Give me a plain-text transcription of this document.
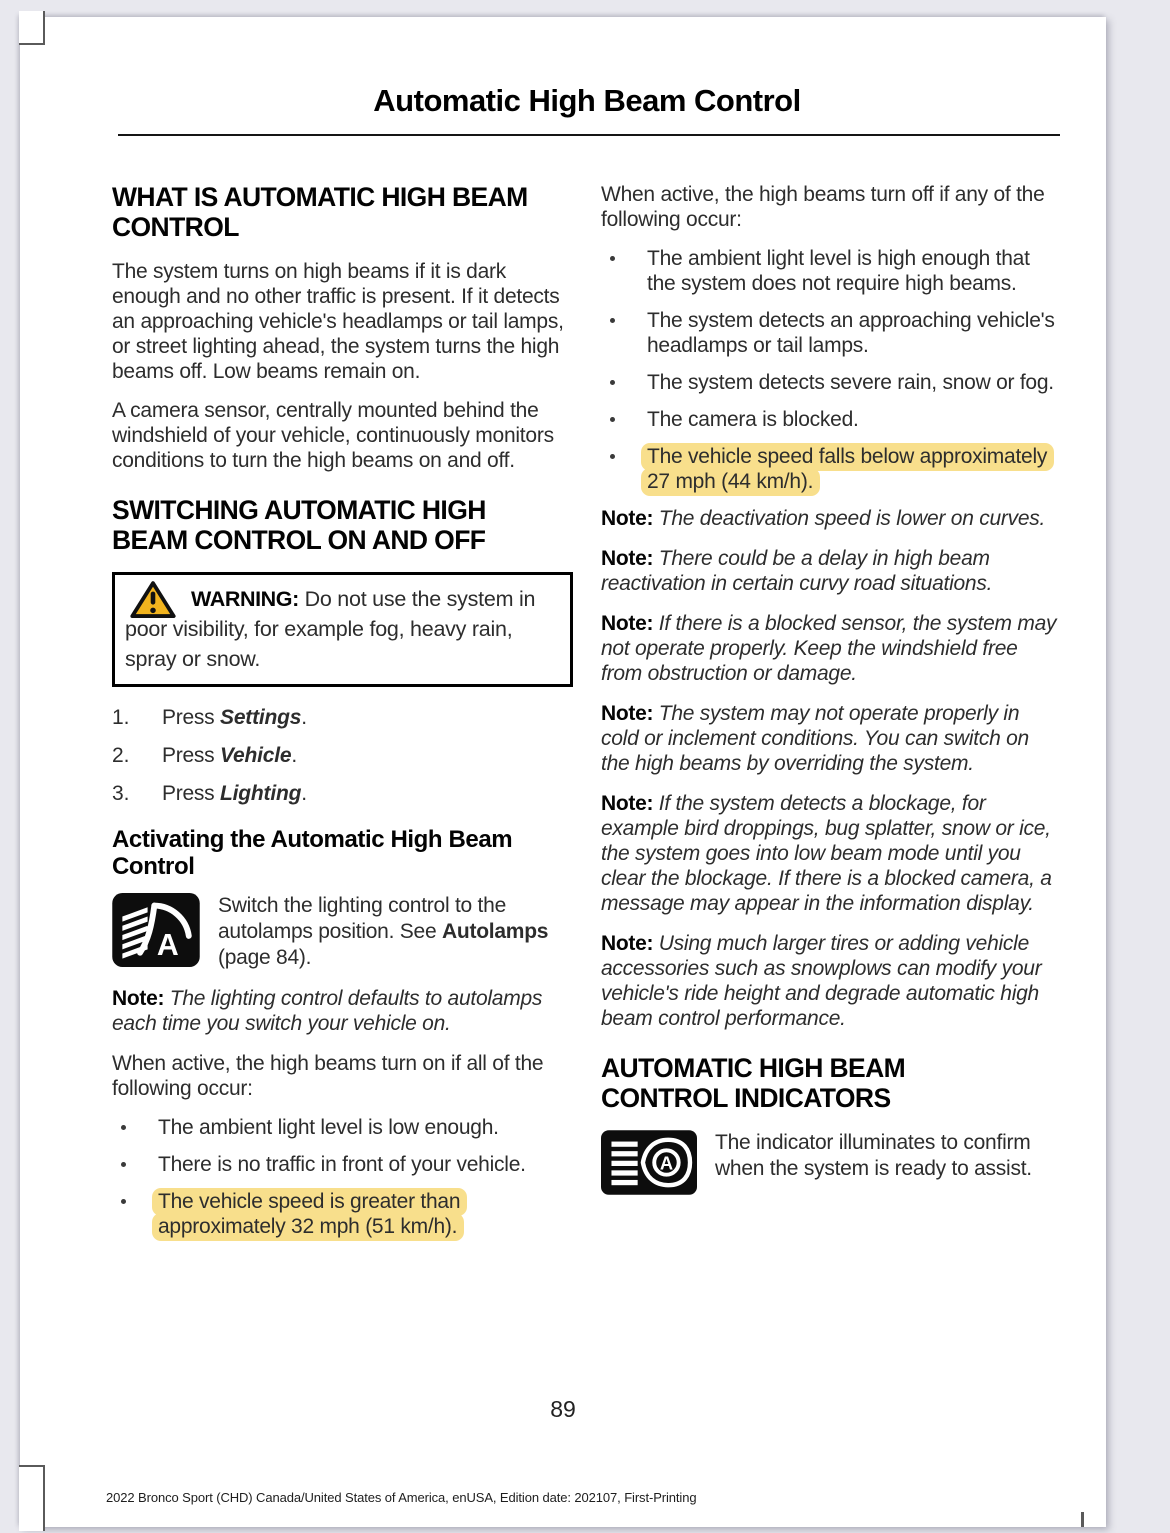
Automatic High Beam Control
WHAT IS AUTOMATIC HIGH BEAM CONTROL

The system turns on high beams if it is dark enough and no other traffic is present. If it detects an approaching vehicle's headlamps or tail lamps, or street lighting ahead, the system turns the high beams off. Low beams remain on.

A camera sensor, centrally mounted behind the windshield of your vehicle, continuously monitors conditions to turn the high beams on and off.

SWITCHING AUTOMATIC HIGH BEAM CONTROL ON AND OFF

WARNING: Do not use the system in poor visibility, for example fog, heavy rain, spray or snow.

1.	Press Settings.
2.	Press Vehicle.
3.	Press Lighting.
Activating the Automatic High Beam Control
A

Switch the lighting control to the autolamps position. See Autolamps (page 84).

Note: The lighting control defaults to autolamps each time you switch your vehicle on.

When active, the high beams turn on if all of the following occur:

The ambient light level is low enough.
There is no traffic in front of your vehicle.
The vehicle speed is greater than approximately 32 mph (51 km/h).

When active, the high beams turn off if any of the following occur:

The ambient light level is high enough that the system does not require high beams.
The system detects an approaching vehicle's headlamps or tail lamps.
The system detects severe rain, snow or fog.
The camera is blocked.
The vehicle speed falls below approximately 27 mph (44 km/h).

Note: The deactivation speed is lower on curves.

Note: There could be a delay in high beam reactivation in certain curvy road situations.

Note: If there is a blocked sensor, the system may not operate properly. Keep the windshield free from obstruction or damage.

Note: The system may not operate properly in cold or inclement conditions. You can switch on the high beams by overriding the system.

Note: If the system detects a blockage, for example bird droppings, bug splatter, snow or ice, the system goes into low beam mode until you clear the blockage. If there is a blocked camera, a message may appear in the information display.

Note: Using much larger tires or adding vehicle accessories such as snowplows can modify your vehicle's ride height and degrade automatic high beam control performance.

AUTOMATIC HIGH BEAM CONTROL INDICATORS
A

The indicator illuminates to confirm when the system is ready to assist.

89
2022 Bronco Sport (CHD) Canada/United States of America, enUSA, Edition date: 202107, First-Printing
